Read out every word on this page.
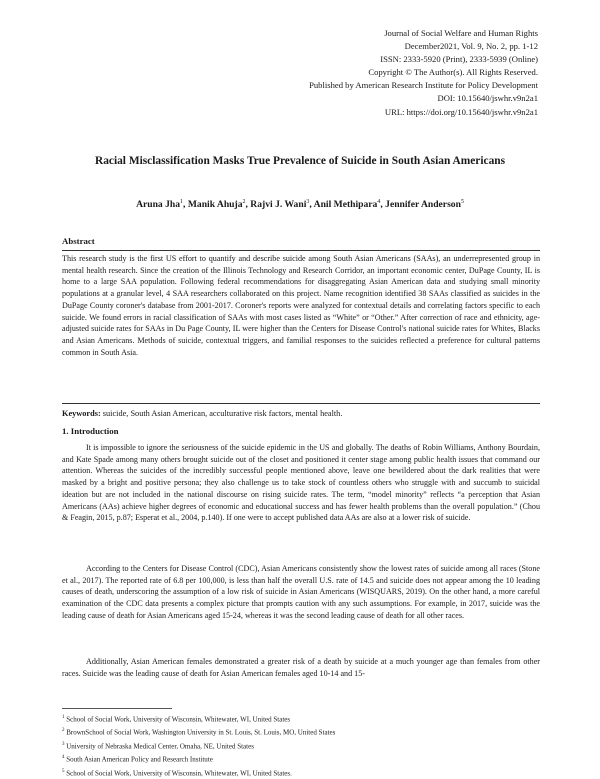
Journal of Social Welfare and Human Rights
December2021, Vol. 9, No. 2, pp. 1-12
ISSN: 2333-5920 (Print), 2333-5939 (Online)
Copyright © The Author(s). All Rights Reserved.
Published by American Research Institute for Policy Development
DOI: 10.15640/jswhr.v9n2a1
URL: https://doi.org/10.15640/jswhr.v9n2a1
Racial Misclassification Masks True Prevalence of Suicide in South Asian Americans
Aruna Jha$^1$, Manik Ahuja$^2$, Rajvi J. Wani$^3$, Anil Methipara$^4$, Jennifer Anderson$^5$
Abstract
This research study is the first US effort to quantify and describe suicide among South Asian Americans (SAAs), an underrepresented group in mental health research. Since the creation of the Illinois Technology and Research Corridor, an important economic center, DuPage County, IL is home to a large SAA population. Following federal recommendations for disaggregating Asian American data and studying small minority populations at a granular level, 4 SAA researchers collaborated on this project. Name recognition identified 38 SAAs classified as suicides in the DuPage County coroner's database from 2001-2017. Coroner's reports were analyzed for contextual details and correlating factors specific to each suicide. We found errors in racial classification of SAAs with most cases listed as “White” or “Other.” After correction of race and ethnicity, age-adjusted suicide rates for SAAs in Du Page County, IL were higher than the Centers for Disease Control's national suicide rates for Whites, Blacks and Asian Americans. Methods of suicide, contextual triggers, and familial responses to the suicides reflected a preference for cultural patterns common in South Asia.
Keywords: suicide, South Asian American, acculturative risk factors, mental health.
1. Introduction
It is impossible to ignore the seriousness of the suicide epidemic in the US and globally. The deaths of Robin Williams, Anthony Bourdain, and Kate Spade among many others brought suicide out of the closet and positioned it center stage among public health issues that command our attention. Whereas the suicides of the incredibly successful people mentioned above, leave one bewildered about the dark realities that were masked by a bright and positive persona; they also challenge us to take stock of countless others who struggle with and succumb to suicidal ideation but are not included in the national discourse on rising suicide rates. The term, “model minority” reflects “a perception that Asian Americans (AAs) achieve higher degrees of economic and educational success and has fewer health problems than the overall population.” (Chou & Feagin, 2015, p.87; Esperat et al., 2004, p.140). If one were to accept published data AAs are also at a lower risk of suicide.
According to the Centers for Disease Control (CDC), Asian Americans consistently show the lowest rates of suicide among all races (Stone et al., 2017). The reported rate of 6.8 per 100,000, is less than half the overall U.S. rate of 14.5 and suicide does not appear among the 10 leading causes of death, underscoring the assumption of a low risk of suicide in Asian Americans (WISQUARS, 2019). On the other hand, a more careful examination of the CDC data presents a complex picture that prompts caution with any such assumptions. For example, in 2017, suicide was the leading cause of death for Asian Americans aged 15-24, whereas it was the second leading cause of death for all other races.
Additionally, Asian American females demonstrated a greater risk of a death by suicide at a much younger age than females from other races. Suicide was the leading cause of death for Asian American females aged 10-14 and 15-
$^1$ School of Social Work, University of Wisconsin, Whitewater, WI, United States
$^2$ BrownSchool of Social Work, Washington University in St. Louis, St. Louis, MO, United States
$^3$ University of Nebraska Medical Center, Omaha, NE, United States
$^4$ South Asian American Policy and Research Institute
$^5$ School of Social Work, University of Wisconsin, Whitewater, WI, United States.
